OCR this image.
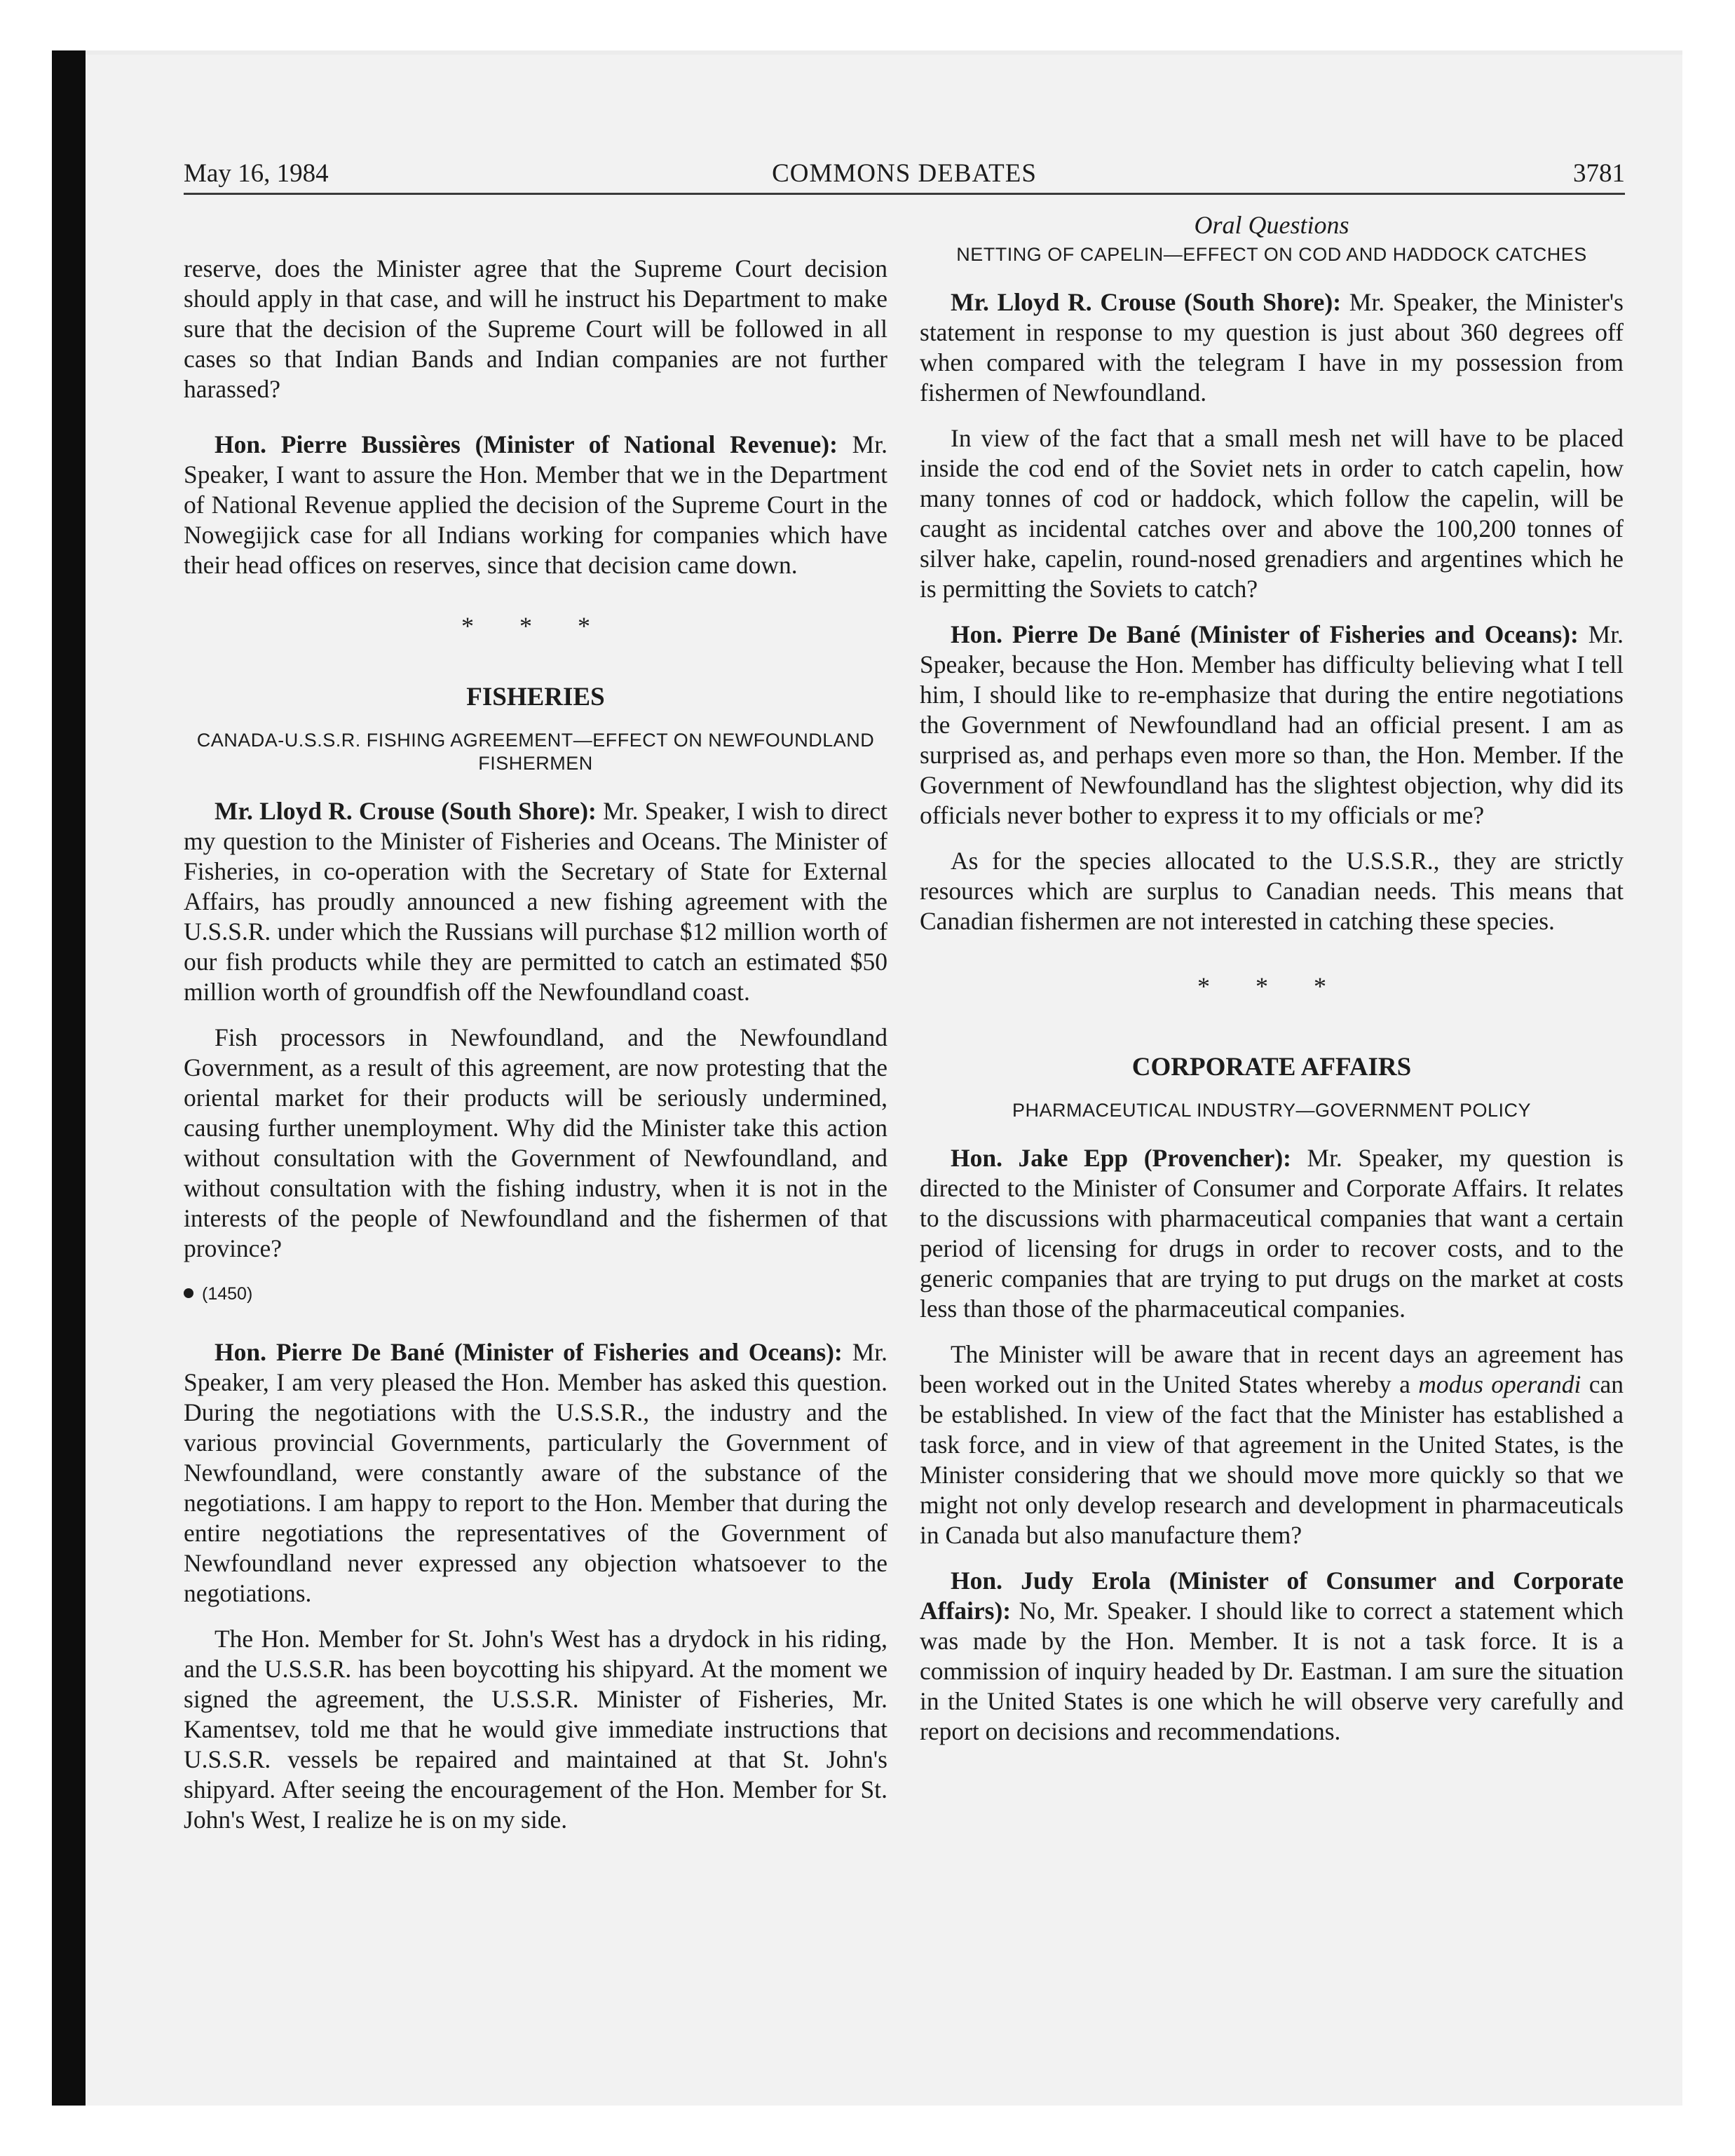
May 16, 1984	COMMONS DEBATES	3781

reserve, does the Minister agree that the Supreme Court decision should apply in that case, and will he instruct his Department to make sure that the decision of the Supreme Court will be followed in all cases so that Indian Bands and Indian companies are not further harassed?

Hon. Pierre Bussières (Minister of National Revenue): Mr. Speaker, I want to assure the Hon. Member that we in the Department of National Revenue applied the decision of the Supreme Court in the Nowegijick case for all Indians working for companies which have their head offices on reserves, since that decision came down.

* * *
FISHERIES
CANADA-U.S.S.R. FISHING AGREEMENT—EFFECT ON NEWFOUNDLAND FISHERMEN

Mr. Lloyd R. Crouse (South Shore): Mr. Speaker, I wish to direct my question to the Minister of Fisheries and Oceans. The Minister of Fisheries, in co-operation with the Secretary of State for External Affairs, has proudly announced a new fishing agreement with the U.S.S.R. under which the Russians will purchase $12 million worth of our fish products while they are permitted to catch an estimated $50 million worth of groundfish off the Newfoundland coast.

Fish processors in Newfoundland, and the Newfoundland Government, as a result of this agreement, are now protesting that the oriental market for their products will be seriously undermined, causing further unemployment. Why did the Minister take this action without consultation with the Government of Newfoundland, and without consultation with the fishing industry, when it is not in the interests of the people of Newfoundland and the fishermen of that province?

(1450)

Hon. Pierre De Bané (Minister of Fisheries and Oceans): Mr. Speaker, I am very pleased the Hon. Member has asked this question. During the negotiations with the U.S.S.R., the industry and the various provincial Governments, particularly the Government of Newfoundland, were constantly aware of the substance of the negotiations. I am happy to report to the Hon. Member that during the entire negotiations the representatives of the Government of Newfoundland never expressed any objection whatsoever to the negotiations.

The Hon. Member for St. John's West has a drydock in his riding, and the U.S.S.R. has been boycotting his shipyard. At the moment we signed the agreement, the U.S.S.R. Minister of Fisheries, Mr. Kamentsev, told me that he would give immediate instructions that U.S.S.R. vessels be repaired and maintained at that St. John's shipyard. After seeing the encouragement of the Hon. Member for St. John's West, I realize he is on my side.

Oral Questions
NETTING OF CAPELIN—EFFECT ON COD AND HADDOCK CATCHES

Mr. Lloyd R. Crouse (South Shore): Mr. Speaker, the Minister's statement in response to my question is just about 360 degrees off when compared with the telegram I have in my possession from fishermen of Newfoundland.

In view of the fact that a small mesh net will have to be placed inside the cod end of the Soviet nets in order to catch capelin, how many tonnes of cod or haddock, which follow the capelin, will be caught as incidental catches over and above the 100,200 tonnes of silver hake, capelin, round-nosed grenadiers and argentines which he is permitting the Soviets to catch?

Hon. Pierre De Bané (Minister of Fisheries and Oceans): Mr. Speaker, because the Hon. Member has difficulty believing what I tell him, I should like to re-emphasize that during the entire negotiations the Government of Newfoundland had an official present. I am as surprised as, and perhaps even more so than, the Hon. Member. If the Government of Newfoundland has the slightest objection, why did its officials never bother to express it to my officials or me?

As for the species allocated to the U.S.S.R., they are strictly resources which are surplus to Canadian needs. This means that Canadian fishermen are not interested in catching these species.

* * *
CORPORATE AFFAIRS
PHARMACEUTICAL INDUSTRY—GOVERNMENT POLICY

Hon. Jake Epp (Provencher): Mr. Speaker, my question is directed to the Minister of Consumer and Corporate Affairs. It relates to the discussions with pharmaceutical companies that want a certain period of licensing for drugs in order to recover costs, and to the generic companies that are trying to put drugs on the market at costs less than those of the pharmaceutical companies.

The Minister will be aware that in recent days an agreement has been worked out in the United States whereby a modus operandi can be established. In view of the fact that the Minister has established a task force, and in view of that agreement in the United States, is the Minister considering that we should move more quickly so that we might not only develop research and development in pharmaceuticals in Canada but also manufacture them?

Hon. Judy Erola (Minister of Consumer and Corporate Affairs): No, Mr. Speaker. I should like to correct a statement which was made by the Hon. Member. It is not a task force. It is a commission of inquiry headed by Dr. Eastman. I am sure the situation in the United States is one which he will observe very carefully and report on decisions and recommendations.
